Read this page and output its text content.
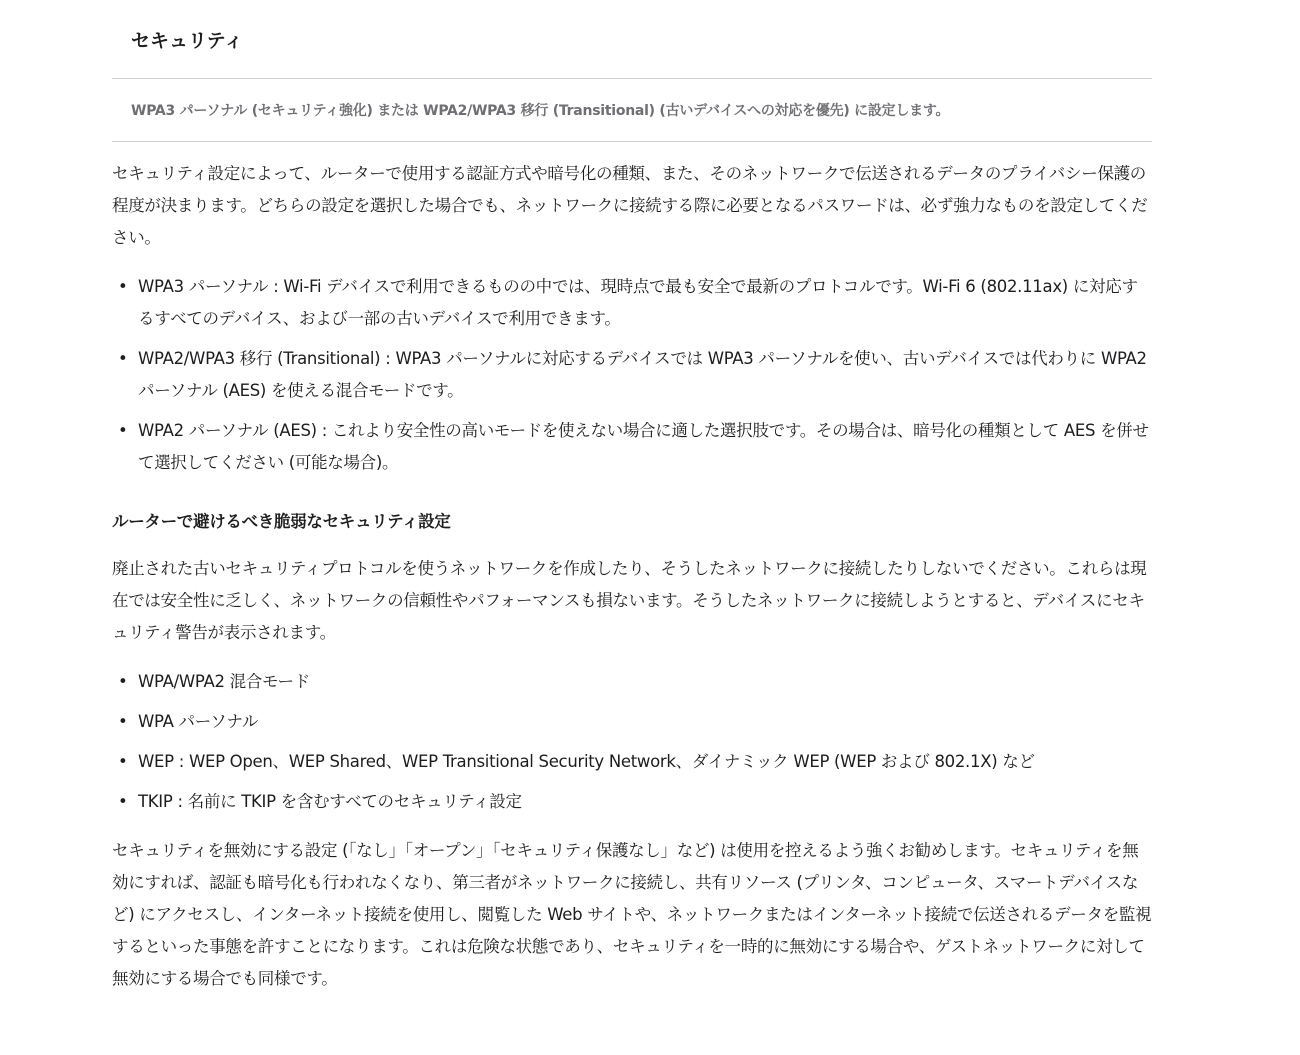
セキュリティ

WPA3 パーソナル (セキュリティ強化) または WPA2/WPA3 移行 (Transitional) (古いデバイスへの対応を優先) に設定します。

セキュリティ設定によって、ルーターで使用する認証方式や暗号化の種類、また、そのネットワークで伝送されるデータのプライバシー保護の程度が決まります。どちらの設定を選択した場合でも、ネットワークに接続する際に必要となるパスワードは、必ず強力なものを設定してください。

• WPA3 パーソナル : Wi-Fi デバイスで利用できるものの中では、現時点で最も安全で最新のプロトコルです。Wi-Fi 6 (802.11ax) に対応するすべてのデバイス、および一部の古いデバイスで利用できます。
• WPA2/WPA3 移行 (Transitional) : WPA3 パーソナルに対応するデバイスでは WPA3 パーソナルを使い、古いデバイスでは代わりに WPA2 パーソナル (AES) を使える混合モードです。
• WPA2 パーソナル (AES) : これより安全性の高いモードを使えない場合に適した選択肢です。その場合は、暗号化の種類として AES を併せて選択してください (可能な場合)。
ルーターで避けるべき脆弱なセキュリティ設定

廃止された古いセキュリティプロトコルを使うネットワークを作成したり、そうしたネットワークに接続したりしないでください。これらは現在では安全性に乏しく、ネットワークの信頼性やパフォーマンスも損ないます。そうしたネットワークに接続しようとすると、デバイスにセキュリティ警告が表示されます。

• WPA/WPA2 混合モード
• WPA パーソナル
• WEP : WEP Open、WEP Shared、WEP Transitional Security Network、ダイナミック WEP (WEP および 802.1X) など
• TKIP : 名前に TKIP を含むすべてのセキュリティ設定

セキュリティを無効にする設定 (「なし」「オープン」「セキュリティ保護なし」など) は使用を控えるよう強くお勧めします。セキュリティを無効にすれば、認証も暗号化も行われなくなり、第三者がネットワークに接続し、共有リソース (プリンタ、コンピュータ、スマートデバイスなど) にアクセスし、インターネット接続を使用し、閲覧した Web サイトや、ネットワークまたはインターネット接続で伝送されるデータを監視するといった事態を許すことになります。これは危険な状態であり、セキュリティを一時的に無効にする場合や、ゲストネットワークに対して無効にする場合でも同様です。
